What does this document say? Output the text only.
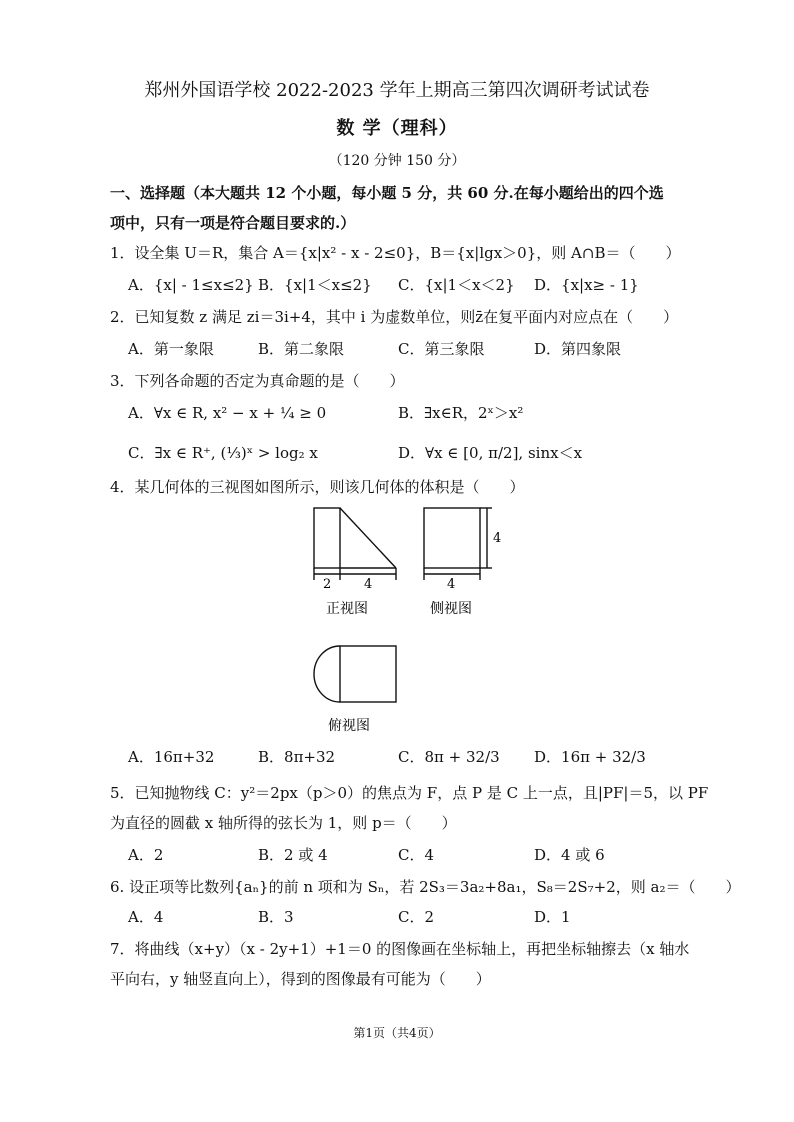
郑州外国语学校 2022-2023 学年上期高三第四次调研考试试卷
数 学（理科）
（120 分钟 150 分）
一、选择题（本大题共 12 个小题，每小题 5 分，共 60 分.在每小题给出的四个选
项中，只有一项是符合题目要求的.）
1．设全集 U＝R，集合 A＝{x|x² - x - 2≤0}，B＝{x|lgx＞0}，则 A∩B＝（　　）
A．{x| - 1≤x≤2} B．{x|1＜x≤2} C．{x|1＜x＜2} D．{x|x≥ - 1}
2．已知复数 z 满足 zi＝3i+4，其中 i 为虚数单位，则z̄在复平面内对应点在（　　）
A．第一象限	B．第二象限	C．第三象限	D．第四象限
3．下列各命题的否定为真命题的是（　　）
A．∀x ∈ R, x² − x + ¼ ≥ 0	B．∃x∈R，2ˣ＞x²
C．∃x ∈ R⁺, (⅓)ˣ > log₂ x	D．∀x ∈ [0, π/2], sinx＜x
4．某几何体的三视图如图所示，则该几何体的体积是（　　）
2	4
正视图
4
4
侧视图
俯视图
A．16π+32	B．8π+32	C．8π + 32/3 D．16π + 32/3
5．已知抛物线 C：y²＝2px（p＞0）的焦点为 F，点 P 是 C 上一点，且|PF|＝5，以 PF
为直径的圆截 x 轴所得的弦长为 1，则 p＝（　　）
A．2	B．2 或 4	C．4	D．4 或 6
6. 设正项等比数列{aₙ}的前 n 项和为 Sₙ，若 2S₃＝3a₂+8a₁，S₈＝2S₇+2，则 a₂＝（　　）
A．4	B．3	C．2	D．1
7．将曲线（x+y）（x - 2y+1）+1＝0 的图像画在坐标轴上，再把坐标轴擦去（x 轴水
平向右，y 轴竖直向上），得到的图像最有可能为（　　）
第1页（共4页）
